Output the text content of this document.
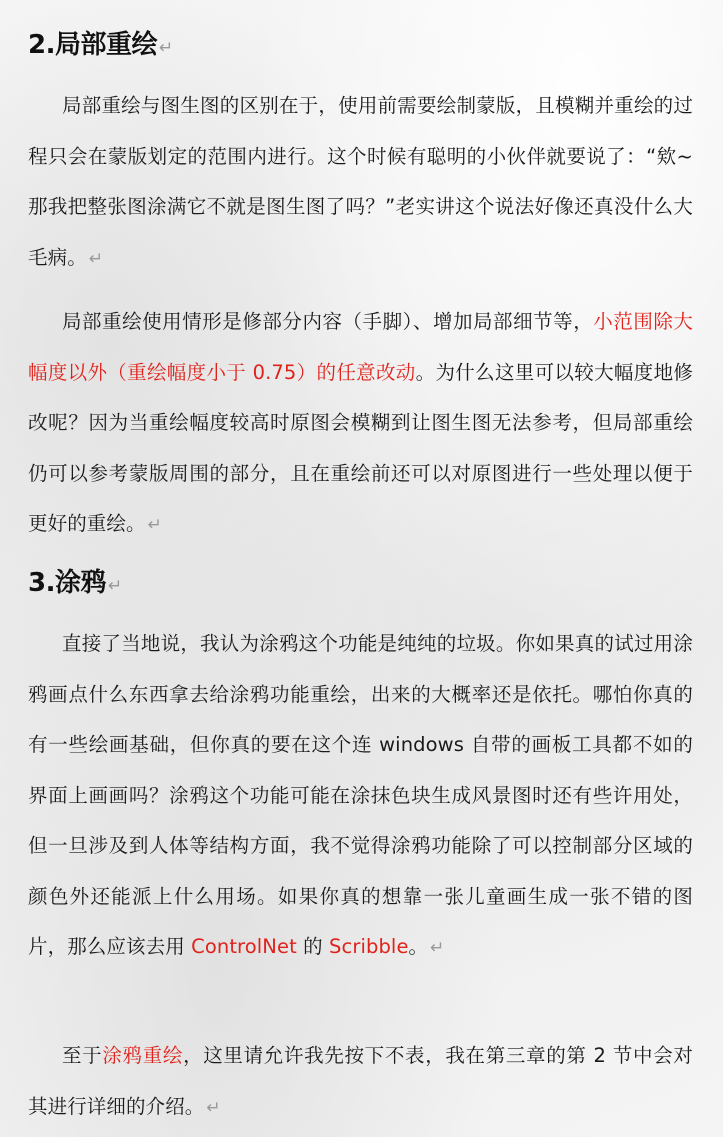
2.局部重绘 ↵

局部重绘与图生图的区别在于，使用前需要绘制蒙版，且模糊并重绘的过程只会在蒙版划定的范围内进行。这个时候有聪明的小伙伴就要说了：“欸~那我把整张图涂满它不就是图生图了吗？”老实讲这个说法好像还真没什么大毛病。 ↵

局部重绘使用情形是修部分内容（手脚）、增加局部细节等，小范围除大幅度以外（重绘幅度小于 0.75）的任意改动。为什么这里可以较大幅度地修改呢？因为当重绘幅度较高时原图会模糊到让图生图无法参考，但局部重绘仍可以参考蒙版周围的部分，且在重绘前还可以对原图进行一些处理以便于更好的重绘。 ↵

3.涂鸦 ↵

直接了当地说，我认为涂鸦这个功能是纯纯的垃圾。你如果真的试过用涂鸦画点什么东西拿去给涂鸦功能重绘，出来的大概率还是依托。哪怕你真的有一些绘画基础，但你真的要在这个连 windows 自带的画板工具都不如的界面上画画吗？涂鸦这个功能可能在涂抹色块生成风景图时还有些许用处，但一旦涉及到人体等结构方面，我不觉得涂鸦功能除了可以控制部分区域的颜色外还能派上什么用场。如果你真的想靠一张儿童画生成一张不错的图片，那么应该去用 ControlNet 的 Scribble。 ↵

至于涂鸦重绘，这里请允许我先按下不表，我在第三章的第 2 节中会对其进行详细的介绍。 ↵
